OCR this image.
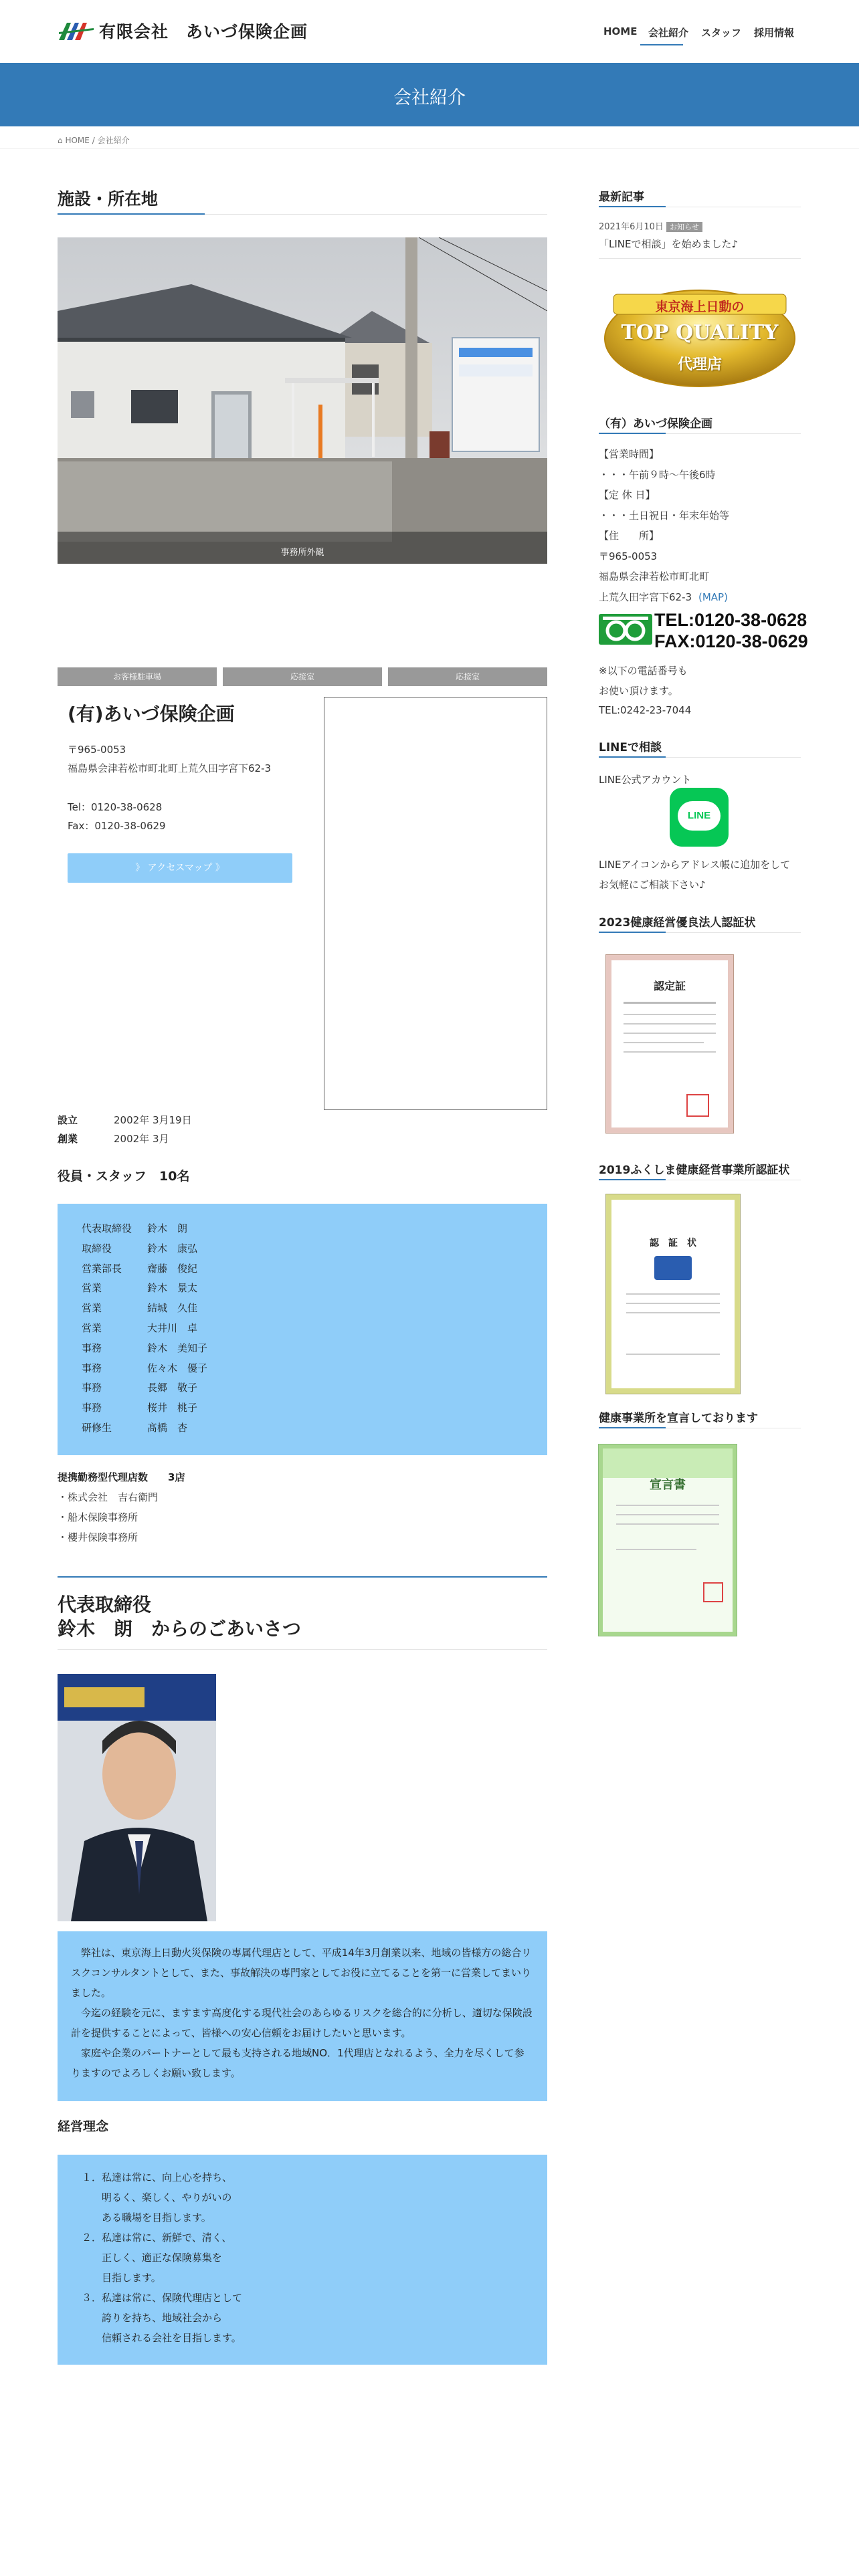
有限会社　あいづ保険企画	HOME 会社紹介 スタッフ 採用情報
会社紹介
⌂ HOME / 会社紹介
施設・所在地
事務所外観
お客様駐車場	応接室	応接室
(有)あいづ保険企画
〒965-0053
福島県会津若松市町北町上荒久田字宮下62-3
Tel：0120-38-0628
Fax：0120-38-0629
》 アクセスマップ 》
設立	2002年 3月19日
創業	2002年 3月
役員・スタッフ　10名
代表取締役 鈴木　朗
取締役	鈴木　康弘
営業部長	齋藤　俊紀
営業	鈴木　景太
営業	結城　久佳
営業	大井川　卓
事務	鈴木　美知子
事務	佐々木　優子
事務	長郷　敬子
事務	桜井　桃子
研修生	髙橋　杏
提携勤務型代理店数　　3店
・株式会社　吉右衛門
・船木保険事務所
・櫻井保険事務所
代表取締役
鈴木　朗　からのごあいさつ

　弊社は、東京海上日動火災保険の専属代理店として、平成14年3月創業以来、地域の皆様方の総合リスクコンサルタントとして、また、事故解決の専門家としてお役に立てることを第一に営業してまいりました。

　今迄の経験を元に、ますます高度化する現代社会のあらゆるリスクを総合的に分析し、適切な保険設計を提供することによって、皆様への安心信頼をお届けしたいと思います。

　家庭や企業のパートナーとして最も支持される地域NO．1代理店となれるよう、全力を尽くして参りますのでよろしくお願い致します。

経営理念
１．私達は常に、向上心を持ち、
　　明るく、楽しく、やりがいの
　　ある職場を目指します。
２．私達は常に、新鮮で、清く、
　　正しく、適正な保険募集を
　　目指します。
３．私達は常に、保険代理店として
　　誇りを持ち、地域社会から
　　信頼される会社を目指します。
最新記事
2021年6月10日 お知らせ
「LINEで相談」を始めました♪
東京海上日動の
TOP QUALITY
代理店
（有）あいづ保険企画
【営業時間】
・・・午前９時〜午後6時
【定 休 日】
・・・土日祝日・年末年始等
【住　　所】
〒965-0053
福島県会津若松市町北町
上荒久田字宮下62-3 (MAP)
TEL:0120-38-0628
FAX:0120-38-0629
※以下の電話番号も
お使い頂けます。
TEL:0242-23-7044
LINEで相談
LINE公式アカウント
LINE
LINEアイコンからアドレス帳に追加をして
お気軽にご相談下さい♪
2023健康経営優良法人認証状
認定証
2019ふくしま健康経営事業所認証状
認　証　状
健康事業所を宣言しております
宣言書
